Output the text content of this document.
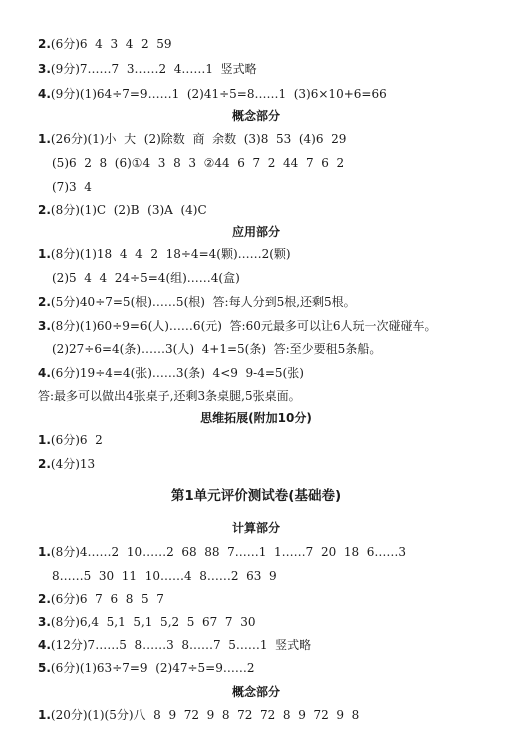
2.(6分)6  4  3  4  2  59
3.(9分)7……7  3……2  4……1  竖式略
4.(9分)(1)64÷7=9……1  (2)41÷5=8……1  (3)6×10+6=66
概念部分
1.(26分)(1)小  大  (2)除数  商  余数  (3)8  53  (4)6  29
(5)6  2  8  (6)①4  3  8  3  ②44  6  7  2  44  7  6  2
(7)3  4
2.(8分)(1)C  (2)B  (3)A  (4)C
应用部分
1.(8分)(1)18  4  4  2  18÷4=4(颗)……2(颗)
(2)5  4  4  24÷5=4(组)……4(盒)
2.(5分)40÷7=5(根)……5(根)  答:每人分到5根,还剩5根。
3.(8分)(1)60÷9=6(人)……6(元)  答:60元最多可以让6人玩一次碰碰车。
(2)27÷6=4(条)……3(人)  4+1=5(条)  答:至少要租5条船。
4.(6分)19÷4=4(张)……3(条)  4<9  9-4=5(张)
答:最多可以做出4张桌子,还剩3条桌腿,5张桌面。
思维拓展(附加10分)
1.(6分)6  2
2.(4分)13
第1单元评价测试卷(基础卷)
计算部分
1.(8分)4……2  10……2  68  88  7……1  1……7  20  18  6……3
8……5  30  11  10……4  8……2  63  9
2.(6分)6  7  6  8  5  7
3.(8分)6,4  5,1  5,1  5,2  5  67  7  30
4.(12分)7……5  8……3  8……7  5……1  竖式略
5.(6分)(1)63÷7=9  (2)47÷5=9……2
概念部分
1.(20分)(1)(5分)八  8  9  72  9  8  72  72  8  9  72  9  8
